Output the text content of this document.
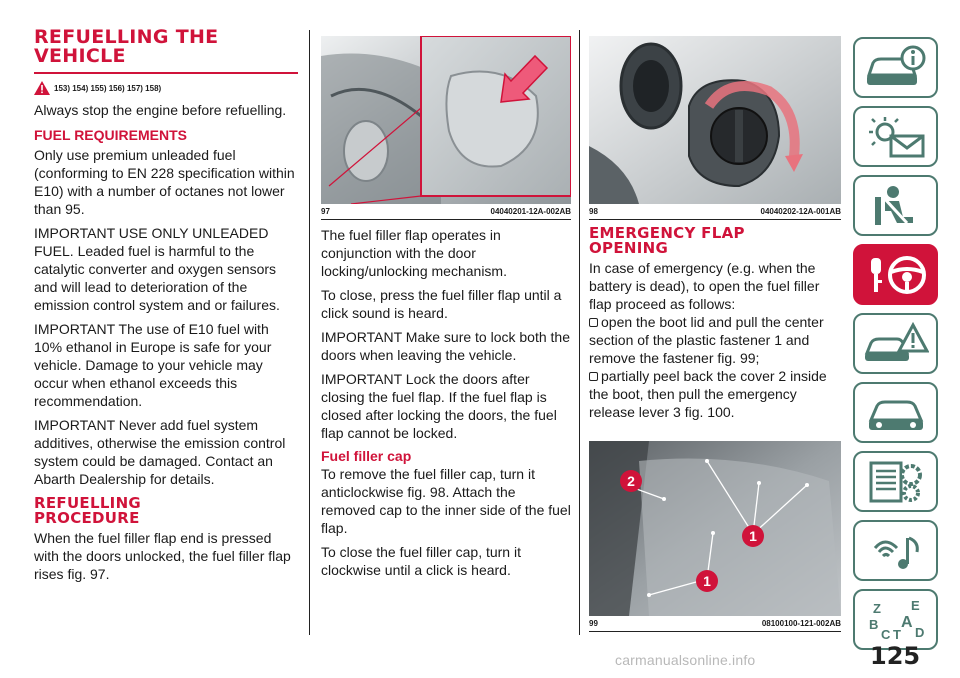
REFUELLING THE VEHICLE
153) 154) 155) 156) 157) 158)

Always stop the engine before refuelling.

FUEL REQUIREMENTS

Only use premium unleaded fuel (conforming to EN 228 specification within E10) with a number of octanes not lower than 95.

IMPORTANT USE ONLY UNLEADED FUEL. Leaded fuel is harmful to the catalytic converter and oxygen sensors and will lead to deterioration of the emission control system and or failures.

IMPORTANT The use of E10 fuel with 10% ethanol in Europe is safe for your vehicle. Damage to your vehicle may occur when ethanol exceeds this recommendation.

IMPORTANT Never add fuel system additives, otherwise the emission control system could be damaged. Contact an Abarth Dealership for details.

REFUELLING PROCEDURE

When the fuel filler flap end is pressed with the doors unlocked, the fuel filler flap rises fig. 97.

97	04040201-12A-002AB

The fuel filler flap operates in conjunction with the door locking/unlocking mechanism.

To close, press the fuel filler flap until a click sound is heard.

IMPORTANT Make sure to lock both the doors when leaving the vehicle.

IMPORTANT Lock the doors after closing the fuel flap. If the fuel flap is closed after locking the doors, the fuel flap cannot be locked.

Fuel filler cap

To remove the fuel filler cap, turn it anticlockwise fig. 98. Attach the removed cap to the inner side of the fuel flap.

To close the fuel filler cap, turn it clockwise until a click is heard.

98	04040202-12A-001AB
EMERGENCY FLAP OPENING

In case of emergency (e.g. when the battery is dead), to open the fuel filler flap proceed as follows:

open the boot lid and pull the center section of the plastic fastener 1 and remove the fastener fig. 99;
partially peel back the cover 2 inside the boot, then pull the emergency release lever 3 fig. 100.
2
1
1
99	08100100-121-002AB
Z E
B A
C T D
125
carmanualsonline.info
